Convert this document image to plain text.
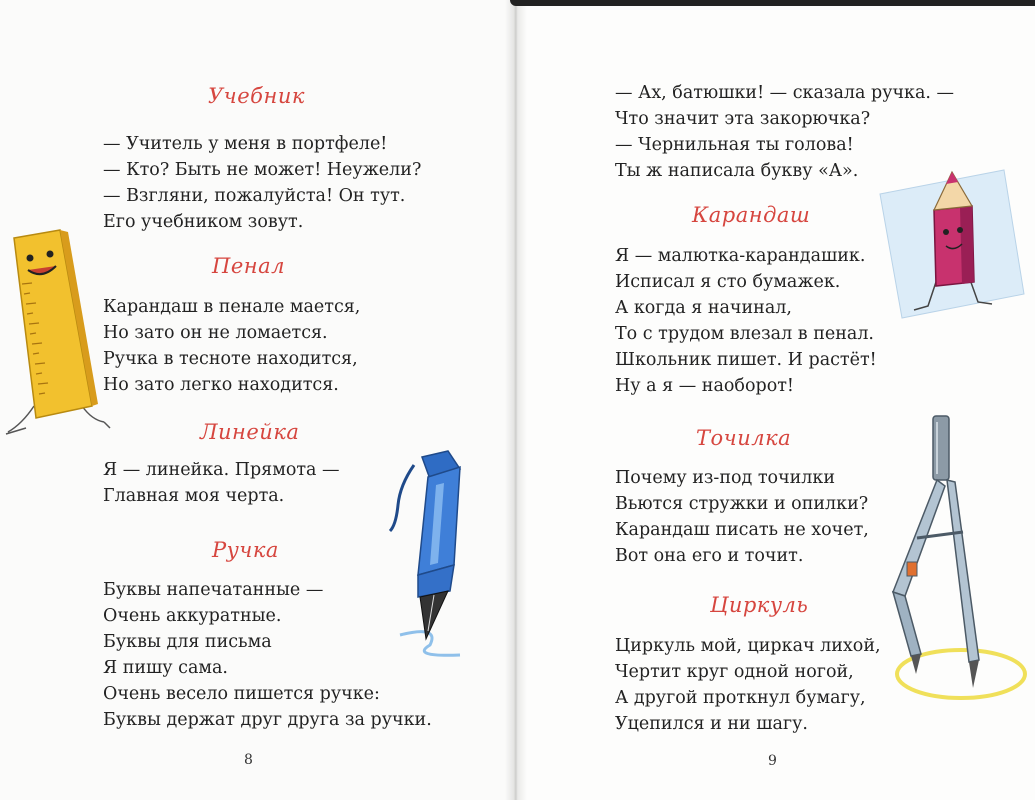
Учебник
— Учитель у меня в портфеле!
— Кто? Быть не может! Неужели?
— Взгляни, пожалуйста! Он тут.
Его учебником зовут.
Пенал
Карандаш в пенале мается,
Но зато он не ломается.
Ручка в тесноте находится,
Но зато легко находится.
Линейка
Я — линейка. Прямота —
Главная моя черта.
Ручка
Буквы напечатанные —
Очень аккуратные.
Буквы для письма
Я пишу сама.
Очень весело пишется ручке:
Буквы держат друг друга за ручки.
8
— Ах, батюшки! — сказала ручка. —
Что значит эта закорючка?
— Чернильная ты голова!
Ты ж написала букву «А».
Карандаш
Я — малютка-карандашик.
Исписал я сто бумажек.
А когда я начинал,
То с трудом влезал в пенал.
Школьник пишет. И растёт!
Ну а я — наоборот!
Точилка
Почему из-под точилки
Вьются стружки и опилки?
Карандаш писать не хочет,
Вот она его и точит.
Циркуль
Циркуль мой, циркач лихой,
Чертит круг одной ногой,
А другой проткнул бумагу,
Уцепился и ни шагу.
9
